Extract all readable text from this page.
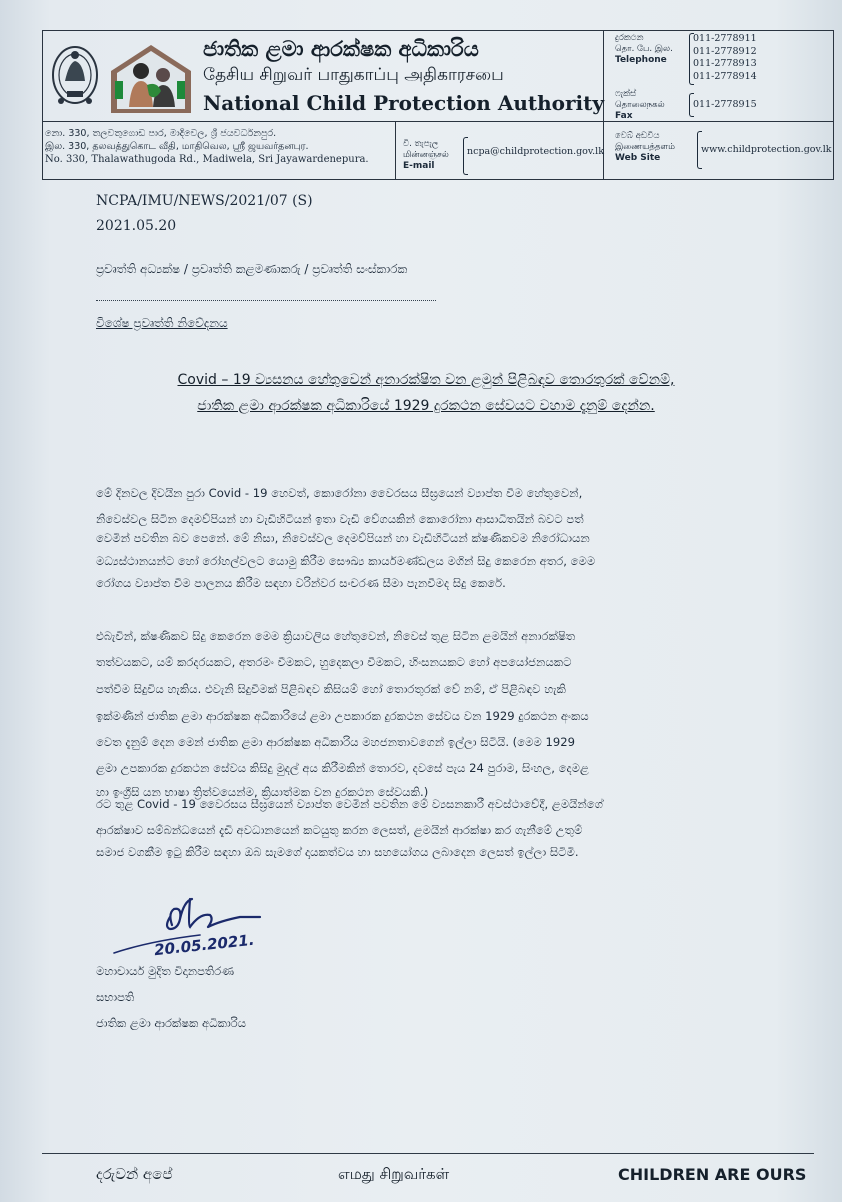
ජාතික ළමා ආරක්ෂක අධිකාරිය
தேசிய சிறுவர் பாதுகாப்பு அதிகாரசபை
National Child Protection Authority
නො. 330, තලවතුගොඩ පාර, මාදිවෙල, ශ්‍රී ජයවර්ධනපුර.
இல. 330, தலவத்துகொட வீதி, மாதிவெல, ஸ்ரீ ஜயவர்தனபுர.
No. 330, Thalawathugoda Rd., Madiwela, Sri Jayawardenepura.
වි. තැපැල
மின்னஞ்சல்
E-mail
ncpa@childprotection.gov.lk
දුරකථන
தொ. பே. இல.
Telephone
011-2778911
011-2778912
011-2778913
011-2778914
ෆැක්ස්
தொலைநகல்
Fax
011-2778915
වෙබ් අඩවිය
இணையத்தளம்
Web Site
www.childprotection.gov.lk
NCPA/IMU/NEWS/2021/07 (S)
2021.05.20
ප්‍රවෘත්ති අධ්‍යක්ෂ / ප්‍රවෘත්ති කළමණාකරු / ප්‍රවෘත්ති සංස්කාරක
විශේෂ ප්‍රවෘත්ති නිවේදනය
Covid – 19 ව්‍යසනය හේතුවෙන් අනාරක්ෂිත වන ළමුන් පිළිබඳව තොරතුරක් වේනම්,
ජාතික ළමා ආරක්ෂක අධිකාරියේ 1929 දුරකථන සේවයට වහාම දැනුම් දෙන්න.
මේ දිනවල දිවයින පුරා Covid - 19 හෙවත්, කොරෝනා වෛරසය සීඝ්‍රයෙන් ව්‍යාප්ත වීම හේතුවෙන්,
නිවෙස්වල සිටින දෙමව්පියන් හා වැඩිහිටියන් ඉතා වැඩි වේගයකින් කොරෝනා ආසාධිතයින් බවට පත්
වෙමින් පවතින බව පෙනේ. මේ නිසා, නිවෙස්වල දෙමව්පියන් හා වැඩිහිටියන් ක්ෂණිකවම නිරෝධායන
මධ්‍යස්ථානයන්ට හෝ රෝහල්වලට යොමු කිරීම සෞඛ්‍ය කාර්යමණ්ඩලය මගින් සිදු කෙරෙන අතර, මෙම
රෝගය ව්‍යාප්ත වීම පාලනය කිරීම සඳහා වරින්වර සංචරණ සීමා පැනවීමද සිදු කෙරේ.
එබැවින්, ක්ෂණිකව සිදු කෙරෙන මෙම ක්‍රියාවලිය හේතුවෙන්, නිවෙස් තුළ සිටින ළමයින් අනාරක්ෂිත
තත්වයකට, යම් කරදරයකට, අතරමං වීමකට, හුදෙකලා වීමකට, හිංසනයකට හෝ අපයෝජනයකට
පත්වීම සිදුවිය හැකිය. එවැනි සිදුවීමක් පිළිබඳව කිසියම් හෝ තොරතුරක් වේ නම්, ඒ පිළිබඳව හැකි
ඉක්මණින් ජාතික ළමා ආරක්ෂක අධිකාරියේ ළමා උපකාරක දුරකථන සේවය වන 1929 දුරකථන අංකය
වෙත දැනුම් දෙන මෙන් ජාතික ළමා ආරක්ෂක අධිකාරිය මහජනතාවගෙන් ඉල්ලා සිටියි. (මෙම 1929
ළමා උපකාරක දුරකථන සේවය කිසිදු මුදල් අය කිරීමකින් තොරව, දවසේ පැය 24 පුරාම, සිංහල, දෙමළ
හා ඉංග්‍රීසි යන භාෂා ත්‍රිත්වයෙන්ම, ක්‍රියාත්මක වන දුරකථන සේවයකි.)
රට තුළ Covid - 19 වෛරසය සීඝ්‍රයෙන් ව්‍යාප්ත වෙමින් පවතින මේ ව්‍යසනකාරී අවස්ථාවේදී, ළමයින්ගේ
ආරක්ෂාව සම්බන්ධයෙන් දැඩි අවධානයෙන් කටයුතු කරන ලෙසත්, ළමයින් ආරක්ෂා කර ගැනීමේ උතුම්
සමාජ වගකීම ඉටු කිරීම සඳහා ඔබ සැමගේ දායකත්වය හා සහයෝගය ලබාදෙන ලෙසත් ඉල්ලා සිටිමි.
20.05.2021.
මහාචාර්ය මුදිත විදානපතිරණ
සභාපති
ජාතික ළමා ආරක්ෂක අධිකාරිය
දරුවන් අපේ	எமது சிறுவர்கள்	CHILDREN ARE OURS
